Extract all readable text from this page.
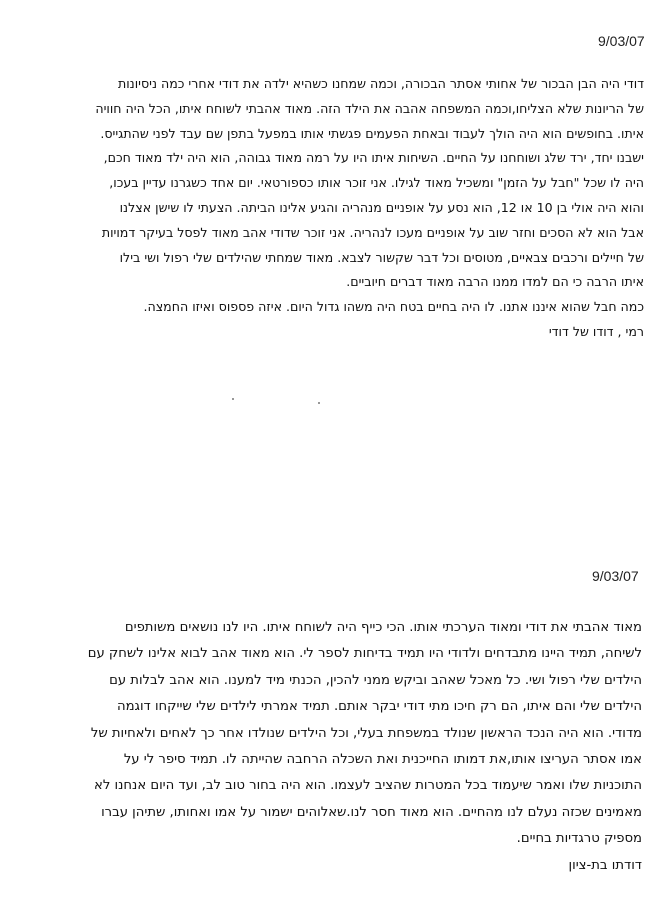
9/03/07
דודי היה הבן הבכור של אחותי אסתר הבכורה, וכמה שמחנו כשהיא ילדה את דודי אחרי כמה ניסיונות
של הריונות שלא הצליחו,וכמה המשפחה אהבה את הילד הזה. מאוד אהבתי לשוחח איתו, הכל היה חוויה
איתו. בחופשים הוא היה הולך לעבוד ובאחת הפעמים פגשתי אותו במפעל בתפן שם עבד לפני שהתגייס.
ישבנו יחד, ירד שלג ושוחחנו על החיים. השיחות איתו היו על רמה מאוד גבוהה, הוא היה ילד מאוד חכם,
היה לו שכל "חבל על הזמן" ומשכיל מאוד לגילו. אני זוכר אותו כספורטאי. יום אחד כשגרנו עדיין בעכו,
והוא היה אולי בן 10 או 12, הוא נסע על אופניים מנהריה והגיע אלינו הביתה. הצעתי לו שישן אצלנו
אבל הוא לא הסכים וחזר שוב על אופניים מעכו לנהריה. אני זוכר שדודי אהב מאוד לפסל בעיקר דמויות
של חיילים ורכבים צבאיים, מטוסים וכל דבר שקשור לצבא. מאוד שמחתי שהילדים שלי רפול ושי בילו
איתו הרבה כי הם למדו ממנו הרבה מאוד דברים חיוביים.
כמה חבל שהוא איננו אתנו. לו היה בחיים בטח היה משהו גדול היום. איזה פספוס ואיזו החמצה.
רמי , דודו של דודי
9/03/07
מאוד אהבתי את דודי ומאוד הערכתי אותו. הכי כייף היה לשוחח איתו. היו לנו נושאים משותפים
לשיחה, תמיד היינו מתבדחים ולדודי היו תמיד בדיחות לספר לי. הוא מאוד אהב לבוא אלינו לשחק עם
הילדים שלי רפול ושי. כל מאכל שאהב וביקש ממני להכין, הכנתי מיד למענו. הוא אהב לבלות עם
הילדים שלי והם איתו, הם רק חיכו מתי דודי יבקר אותם. תמיד אמרתי לילדים שלי שייקחו דוגמה
מדודי. הוא היה הנכד הראשון שנולד במשפחת בעלי, וכל הילדים שנולדו אחר כך לאחים ולאחיות של
אמו אסתר העריצו אותו,את דמותו החייכנית ואת השכלה הרחבה שהייתה לו. תמיד סיפר לי על
התוכניות שלו ואמר שיעמוד בכל המטרות שהציב לעצמו. הוא היה בחור טוב לב, ועד היום אנחנו לא
מאמינים שכזה נעלם לנו מהחיים. הוא מאוד חסר לנו.שאלוהים ישמור על אמו ואחותו, שתיהן עברו
מספיק טרגדיות בחיים.
דודתו בת-ציון
